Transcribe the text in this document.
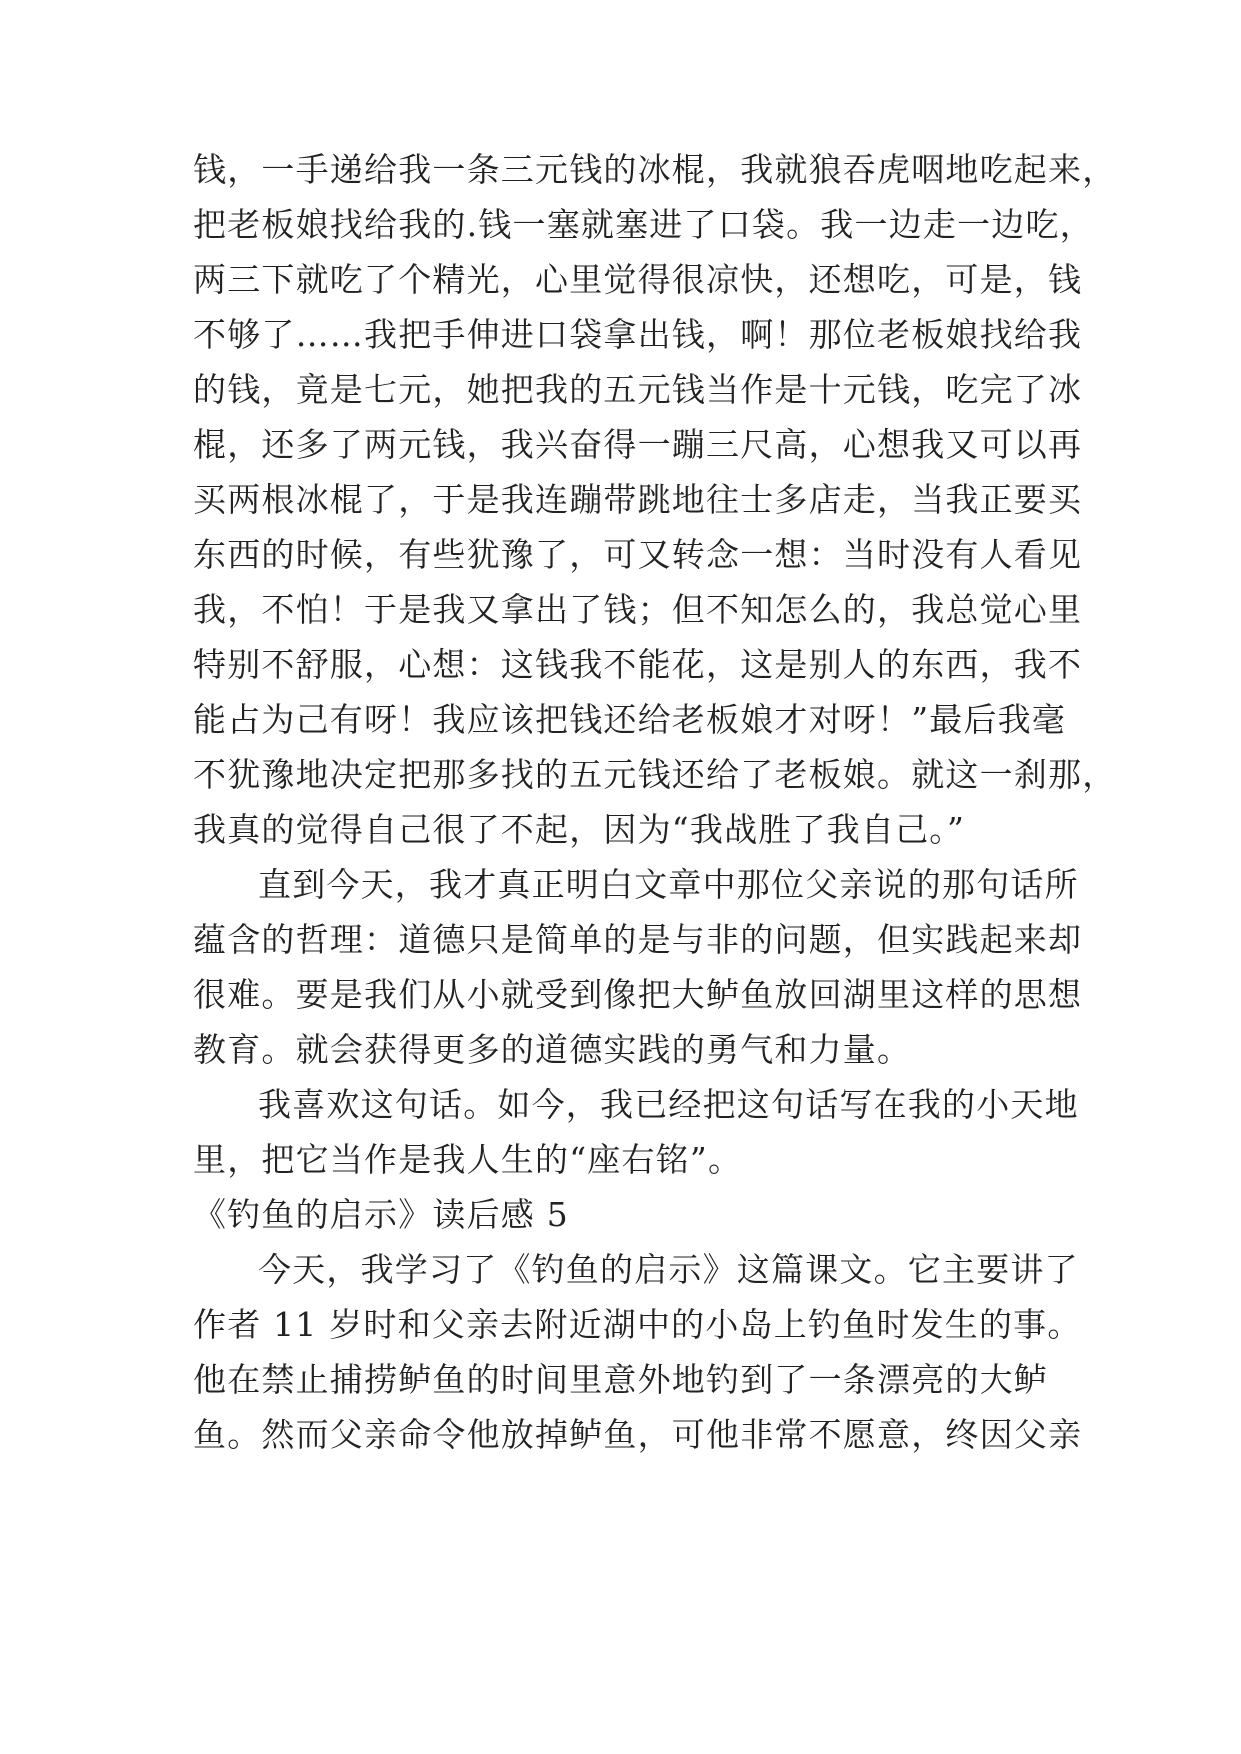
钱，一手递给我一条三元钱的冰棍，我就狼吞虎咽地吃起来，

把老板娘找给我的.钱一塞就塞进了口袋。我一边走一边吃，

两三下就吃了个精光，心里觉得很凉快，还想吃，可是，钱

不够了……我把手伸进口袋拿出钱，啊！那位老板娘找给我

的钱，竟是七元，她把我的五元钱当作是十元钱，吃完了冰

棍，还多了两元钱，我兴奋得一蹦三尺高，心想我又可以再

买两根冰棍了，于是我连蹦带跳地往士多店走，当我正要买

东西的时候，有些犹豫了，可又转念一想：当时没有人看见

我，不怕！于是我又拿出了钱；但不知怎么的，我总觉心里

特别不舒服，心想：这钱我不能花，这是别人的东西，我不

能占为己有呀！我应该把钱还给老板娘才对呀！”最后我毫

不犹豫地决定把那多找的五元钱还给了老板娘。就这一刹那，

我真的觉得自己很了不起，因为“我战胜了我自己。”

直到今天，我才真正明白文章中那位父亲说的那句话所

蕴含的哲理：道德只是简单的是与非的问题，但实践起来却

很难。要是我们从小就受到像把大鲈鱼放回湖里这样的思想

教育。就会获得更多的道德实践的勇气和力量。

我喜欢这句话。如今，我已经把这句话写在我的小天地

里，把它当作是我人生的“座右铭”。

《钓鱼的启示》读后感 5

今天，我学习了《钓鱼的启示》这篇课文。它主要讲了

作者 11 岁时和父亲去附近湖中的小岛上钓鱼时发生的事。

他在禁止捕捞鲈鱼的时间里意外地钓到了一条漂亮的大鲈

鱼。然而父亲命令他放掉鲈鱼，可他非常不愿意，终因父亲
